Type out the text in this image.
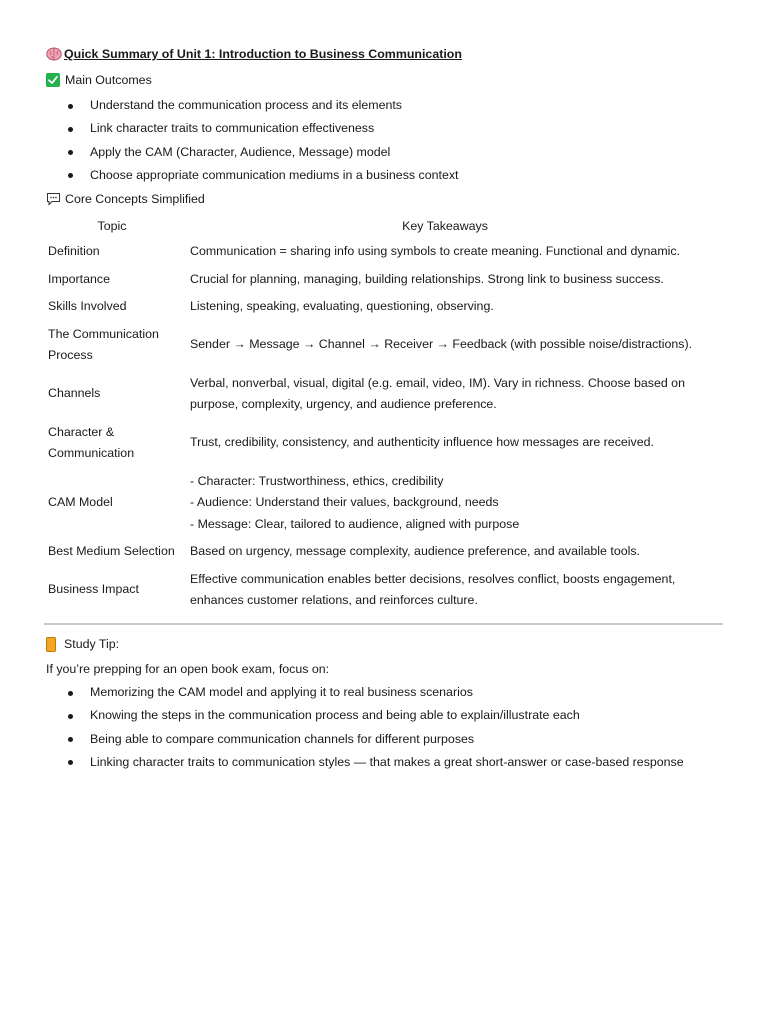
Quick Summary of Unit 1: Introduction to Business Communication
Main Outcomes
Understand the communication process and its elements
Link character traits to communication effectiveness
Apply the CAM (Character, Audience, Message) model
Choose appropriate communication mediums in a business context
Core Concepts Simplified
Topic	Key Takeaways
Definition	Communication = sharing info using symbols to create meaning. Functional and dynamic.

Importance	Crucial for planning, managing, building relationships. Strong link to business success.

Skills Involved	Listening, speaking, evaluating, questioning, observing.

The Communication Process	Sender → Message → Channel → Receiver → Feedback (with possible noise/distractions).

Channels	Verbal, nonverbal, visual, digital (e.g. email, video, IM). Vary in richness. Choose based on purpose, complexity, urgency, and audience preference.

Character & Communication	Trust, credibility, consistency, and authenticity influence how messages are received.

CAM Model	- Character: Trustworthiness, ethics, credibility
- Audience: Understand their values, background, needs
- Message: Clear, tailored to audience, aligned with purpose

Best Medium Selection	Based on urgency, message complexity, audience preference, and available tools.

Business Impact	Effective communication enables better decisions, resolves conflict, boosts engagement, enhances customer relations, and reinforces culture.
Study Tip:
If you’re prepping for an open book exam, focus on:
Memorizing the CAM model and applying it to real business scenarios
Knowing the steps in the communication process and being able to explain/illustrate each
Being able to compare communication channels for different purposes
Linking character traits to communication styles — that makes a great short-answer or case-based response
